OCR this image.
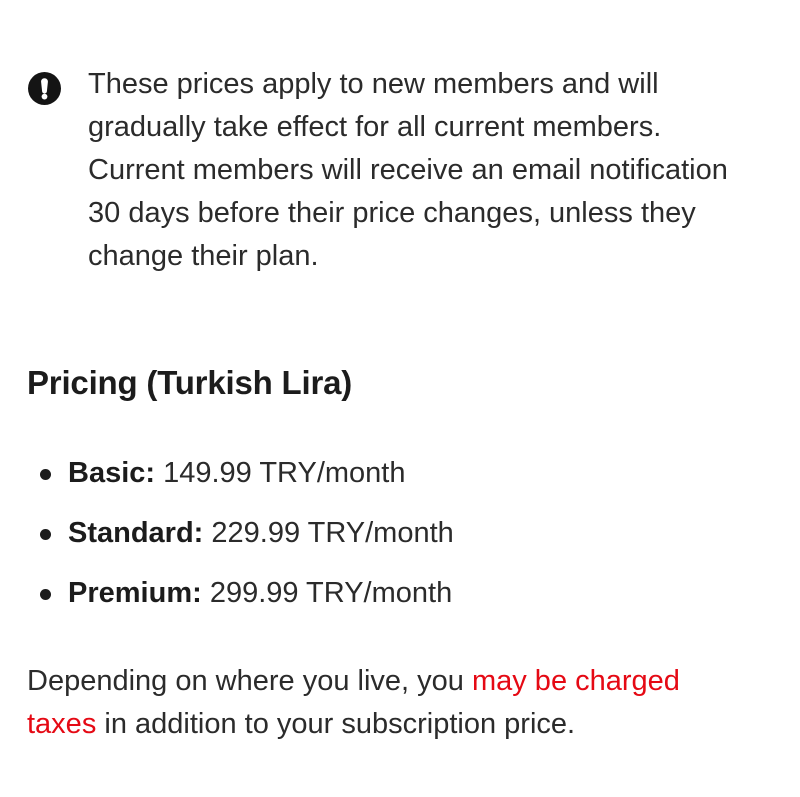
These prices apply to new members and will gradually take effect for all current members. Current members will receive an email notification 30 days before their price changes, unless they change their plan.

Pricing (Turkish Lira)
Basic: 149.99 TRY/month
Standard: 229.99 TRY/month
Premium: 299.99 TRY/month

Depending on where you live, you may be charged taxes in addition to your subscription price.
